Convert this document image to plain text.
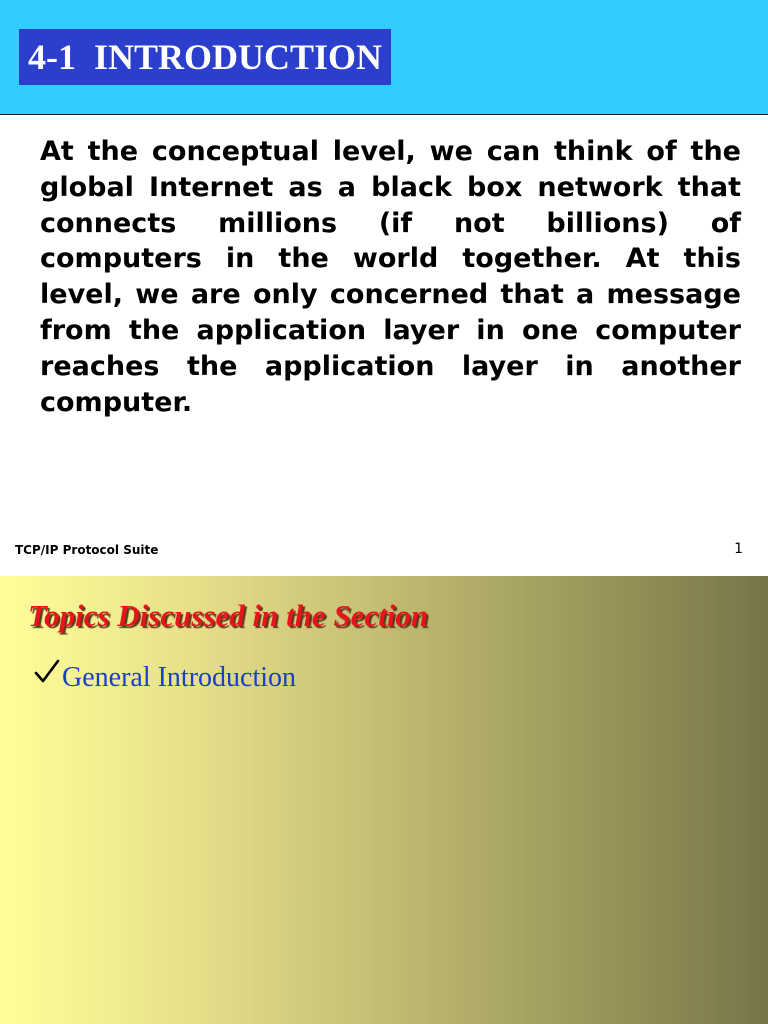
4-1  INTRODUCTION

At the conceptual level, we can think of the global Internet as a black box network that connects millions (if not billions) of computers in the world together. At this level, we are only concerned that a message from the application layer in one computer reaches the application layer in another computer.

TCP/IP Protocol Suite	1
Topics Discussed in the Section
General Introduction
